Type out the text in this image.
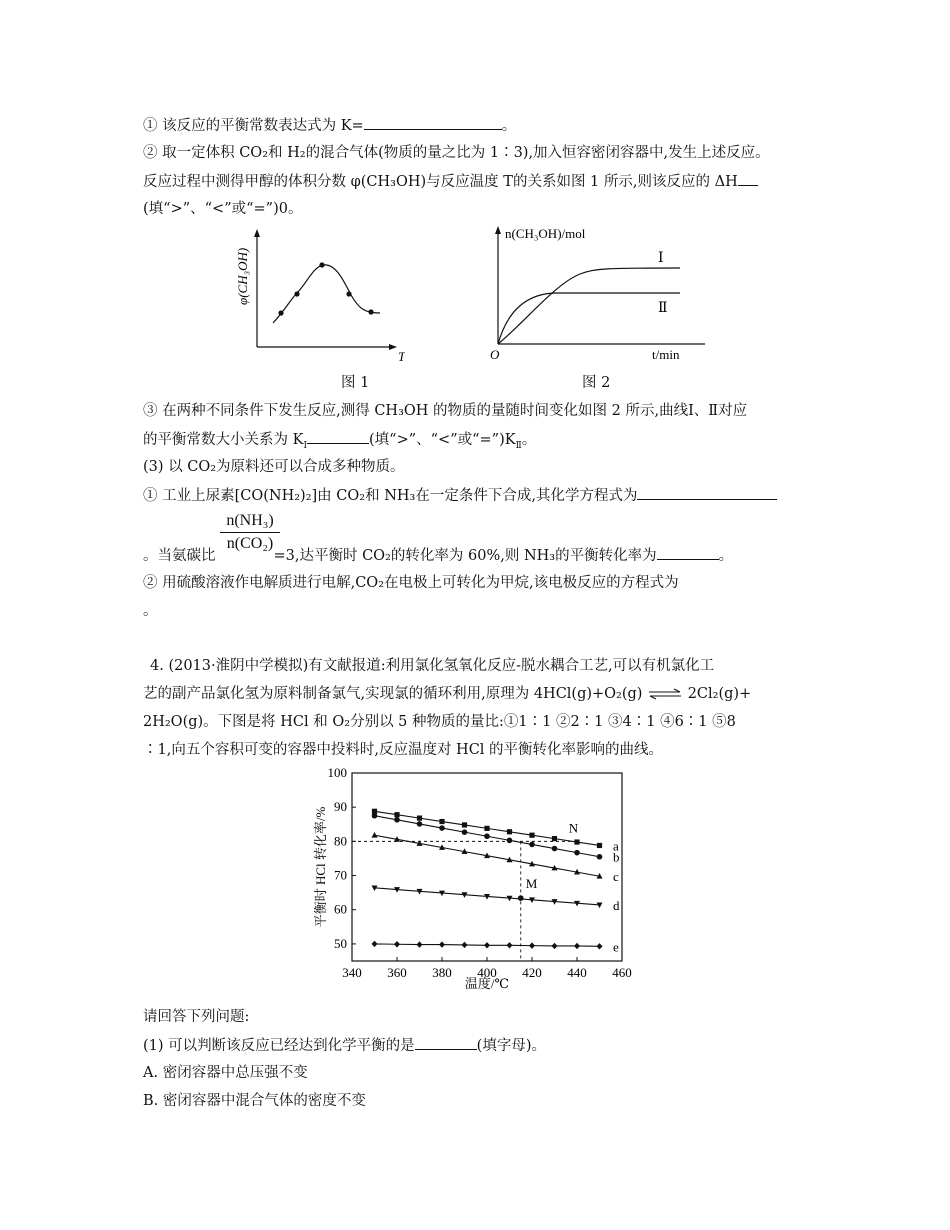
① 该反应的平衡常数表达式为 K=	。
② 取一定体积 CO₂和 H₂的混合气体(物质的量之比为 1∶3),加入恒容密闭容器中,发生上述反应。
反应过程中测得甲醇的体积分数 φ(CH₃OH)与反应温度 T的关系如图 1 所示,则该反应的 ΔH
(填“>”、“<”或“=”)0。
φ(CH₃OH)
T
图 1
n(CH₃OH)/mol
t/min
O
Ⅰ
Ⅱ
图 2
③ 在两种不同条件下发生反应,测得 CH₃OH 的物质的量随时间变化如图 2 所示,曲线Ⅰ、Ⅱ对应
的平衡常数大小关系为 $K_Ⅰ$	(填“>”、“<”或“$=”)K_Ⅱ$。
(3) 以 CO₂为原料还可以合成多种物质。
① 工业上尿素[CO(NH₂)₂]由 CO₂和 NH₃在一定条件下合成,其化学方程式为
$\frac{\text{n(NH₃)}}{\text{n(CO₂)}}$
。当氨碳比	=3,达平衡时 CO₂的转化率为 60%,则 NH₃的平衡转化率为	。
② 用硫酸溶液作电解质进行电解,CO₂在电极上可转化为甲烷,该电极反应的方程式为
。
4. (2013·淮阴中学模拟)有文献报道:利用氯化氢氧化反应-脱水耦合工艺,可以有机氯化工
艺的副产品氯化氢为原料制备氯气,实现氯的循环利用,原理为 4HCl(g)+O₂(g) ⇌ 2Cl₂(g)+
2H₂O(g)。下图是将 HCl 和 O₂分别以 5 种物质的量比:①1∶1 ②2∶1 ③4∶1 ④6∶1 ⑤8
∶1,向五个容积可变的容器中投料时,反应温度对 HCl 的平衡转化率影响的曲线。
a
b
c
d
e
N
M
340 360 380 400 420 440 460
50
60
70
80
90
100
平衡时 HCl 转化率/%
温度/℃
请回答下列问题:
(1) 可以判断该反应已经达到化学平衡的是	(填字母)。
A. 密闭容器中总压强不变
B. 密闭容器中混合气体的密度不变
